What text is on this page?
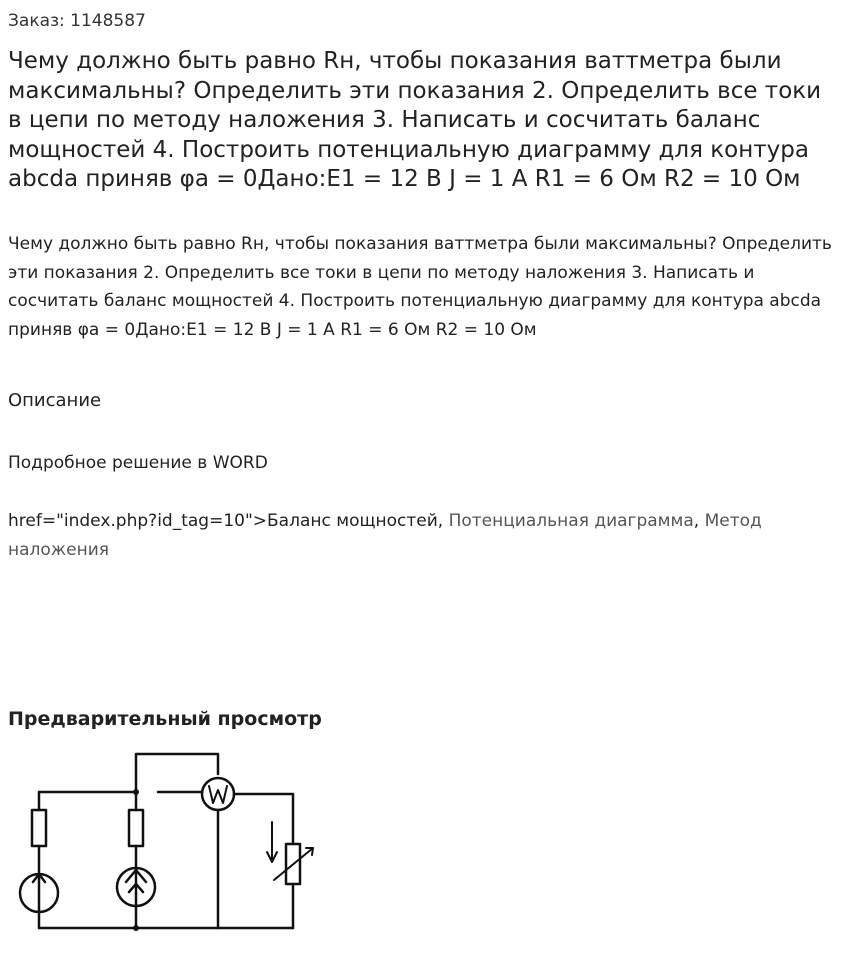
Заказ: 1148587
Чему должно быть равно Rн, чтобы показания ваттметра были максимальны? Определить эти показания 2. Определить все токи в цепи по методу наложения 3. Написать и сосчитать баланс мощностей 4. Построить потенциальную диаграмму для контура abcda приняв φa = 0Дано:E1 = 12 B J = 1 A R1 = 6 Ом R2 = 10 Ом

Чему должно быть равно Rн, чтобы показания ваттметра были максимальны? Определить эти показания 2. Определить все токи в цепи по методу наложения 3. Написать и сосчитать баланс мощностей 4. Построить потенциальную диаграмму для контура abcda приняв φa = 0Дано:E1 = 12 B J = 1 A R1 = 6 Ом R2 = 10 Ом

Описание
Подробное решение в WORD
href="index.php?id_tag=10">Баланс мощностей, Потенциальная диаграмма, Метод наложения
Предварительный просмотр
